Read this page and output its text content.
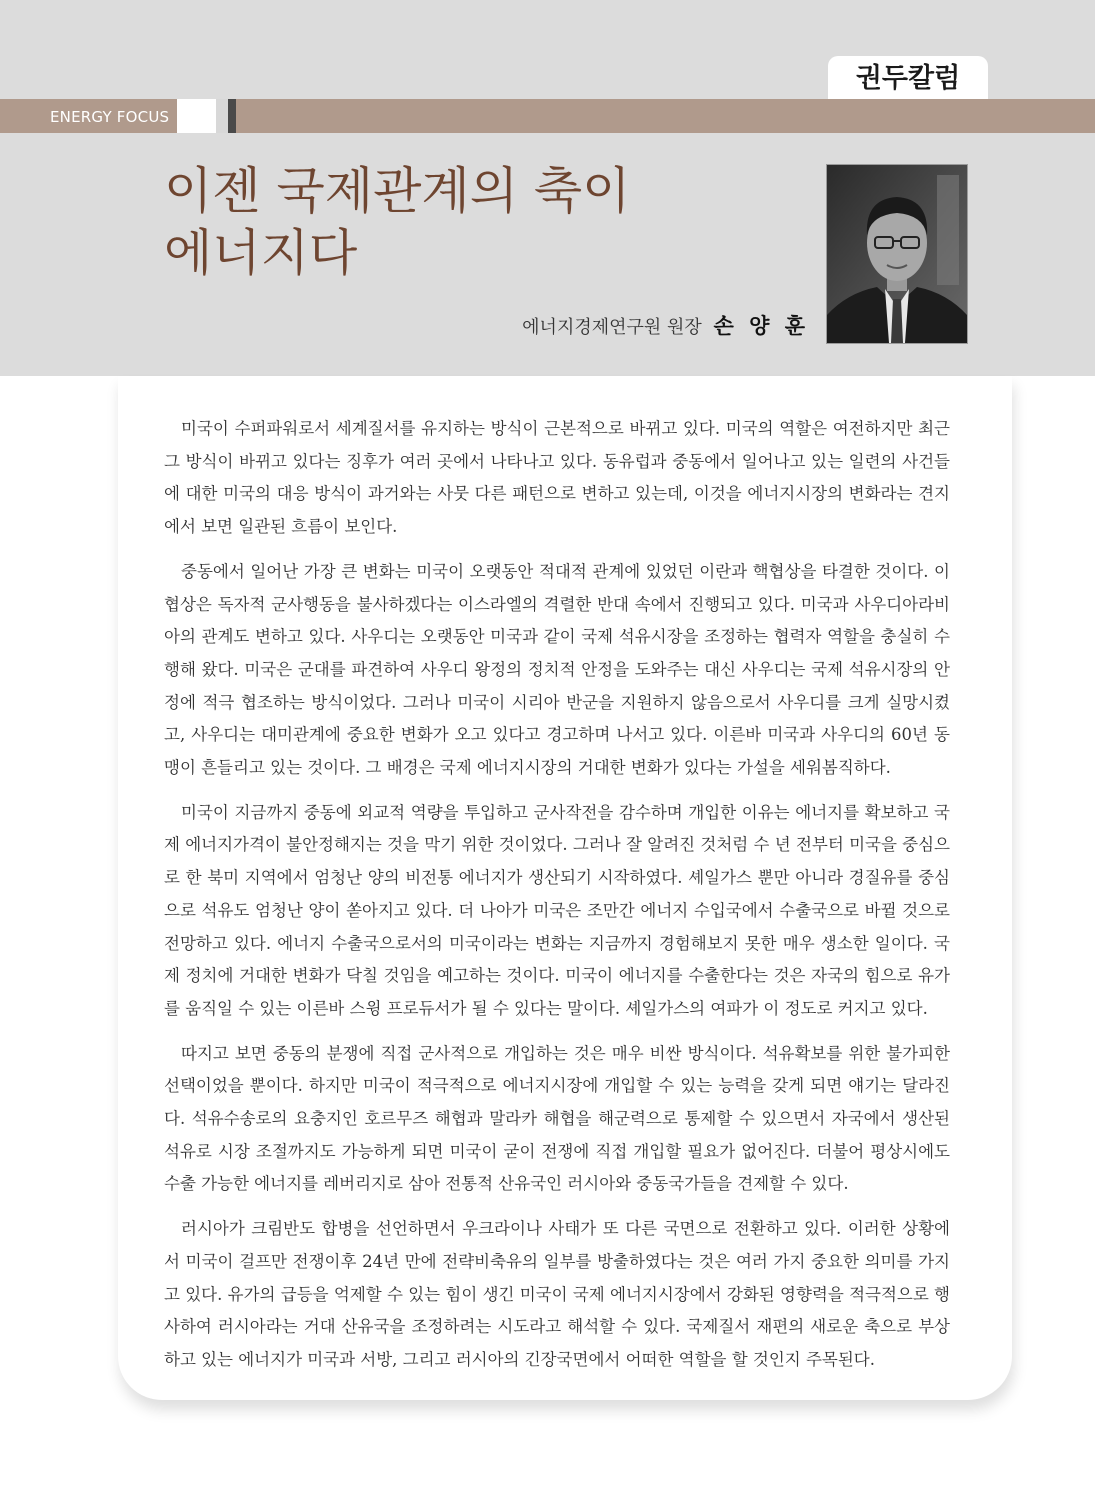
권두칼럼
ENERGY FOCUS
이젠 국제관계의 축이
에너지다
에너지경제연구원 원장 손 양 훈

미국이 수퍼파워로서 세계질서를 유지하는 방식이 근본적으로 바뀌고 있다. 미국의 역할은 여전하지만 최근 그 방식이 바뀌고 있다는 징후가 여러 곳에서 나타나고 있다. 동유럽과 중동에서 일어나고 있는 일련의 사건들에 대한 미국의 대응 방식이 과거와는 사뭇 다른 패턴으로 변하고 있는데, 이것을 에너지시장의 변화라는 견지에서 보면 일관된 흐름이 보인다.

중동에서 일어난 가장 큰 변화는 미국이 오랫동안 적대적 관계에 있었던 이란과 핵협상을 타결한 것이다. 이 협상은 독자적 군사행동을 불사하겠다는 이스라엘의 격렬한 반대 속에서 진행되고 있다. 미국과 사우디아라비아의 관계도 변하고 있다. 사우디는 오랫동안 미국과 같이 국제 석유시장을 조정하는 협력자 역할을 충실히 수행해 왔다. 미국은 군대를 파견하여 사우디 왕정의 정치적 안정을 도와주는 대신 사우디는 국제 석유시장의 안정에 적극 협조하는 방식이었다. 그러나 미국이 시리아 반군을 지원하지 않음으로서 사우디를 크게 실망시켰고, 사우디는 대미관계에 중요한 변화가 오고 있다고 경고하며 나서고 있다. 이른바 미국과 사우디의 60년 동맹이 흔들리고 있는 것이다. 그 배경은 국제 에너지시장의 거대한 변화가 있다는 가설을 세워봄직하다.

미국이 지금까지 중동에 외교적 역량을 투입하고 군사작전을 감수하며 개입한 이유는 에너지를 확보하고 국제 에너지가격이 불안정해지는 것을 막기 위한 것이었다. 그러나 잘 알려진 것처럼 수 년 전부터 미국을 중심으로 한 북미 지역에서 엄청난 양의 비전통 에너지가 생산되기 시작하였다. 셰일가스 뿐만 아니라 경질유를 중심으로 석유도 엄청난 양이 쏟아지고 있다. 더 나아가 미국은 조만간 에너지 수입국에서 수출국으로 바뀔 것으로 전망하고 있다. 에너지 수출국으로서의 미국이라는 변화는 지금까지 경험해보지 못한 매우 생소한 일이다. 국제 정치에 거대한 변화가 닥칠 것임을 예고하는 것이다. 미국이 에너지를 수출한다는 것은 자국의 힘으로 유가를 움직일 수 있는 이른바 스윙 프로듀서가 될 수 있다는 말이다. 셰일가스의 여파가 이 정도로 커지고 있다.

따지고 보면 중동의 분쟁에 직접 군사적으로 개입하는 것은 매우 비싼 방식이다. 석유확보를 위한 불가피한 선택이었을 뿐이다. 하지만 미국이 적극적으로 에너지시장에 개입할 수 있는 능력을 갖게 되면 얘기는 달라진다. 석유수송로의 요충지인 호르무즈 해협과 말라카 해협을 해군력으로 통제할 수 있으면서 자국에서 생산된 석유로 시장 조절까지도 가능하게 되면 미국이 굳이 전쟁에 직접 개입할 필요가 없어진다. 더불어 평상시에도 수출 가능한 에너지를 레버리지로 삼아 전통적 산유국인 러시아와 중동국가들을 견제할 수 있다.

러시아가 크림반도 합병을 선언하면서 우크라이나 사태가 또 다른 국면으로 전환하고 있다. 이러한 상황에서 미국이 걸프만 전쟁이후 24년 만에 전략비축유의 일부를 방출하였다는 것은 여러 가지 중요한 의미를 가지고 있다. 유가의 급등을 억제할 수 있는 힘이 생긴 미국이 국제 에너지시장에서 강화된 영향력을 적극적으로 행사하여 러시아라는 거대 산유국을 조정하려는 시도라고 해석할 수 있다. 국제질서 재편의 새로운 축으로 부상하고 있는 에너지가 미국과 서방, 그리고 러시아의 긴장국면에서 어떠한 역할을 할 것인지 주목된다.
